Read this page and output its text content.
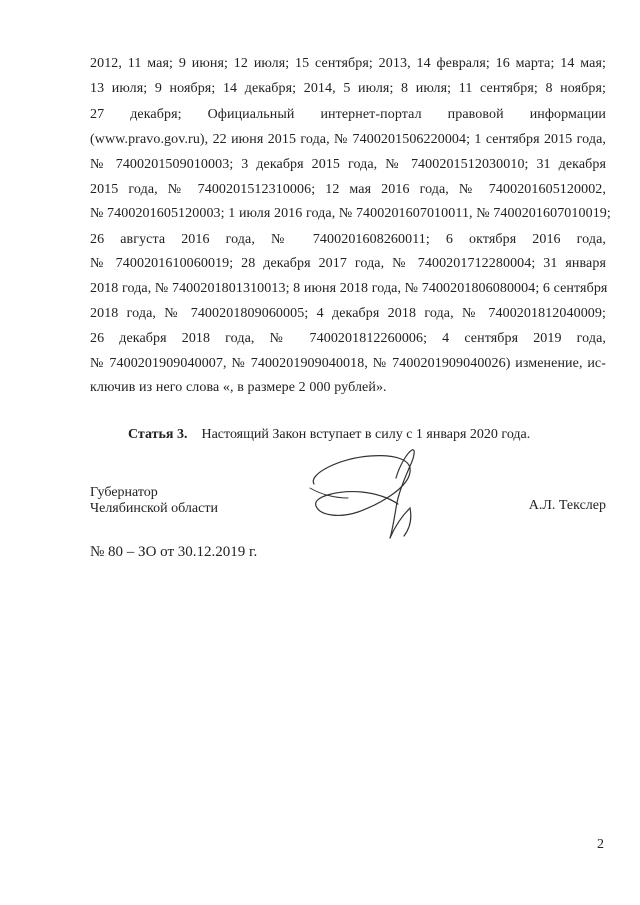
2012, 11 мая; 9 июня; 12 июля; 15 сентября; 2013, 14 февраля; 16 марта; 14 мая;
13 июля; 9 ноября; 14 декабря; 2014, 5 июля; 8 июля; 11 сентября; 8 ноября;
27 декабря; Официальный интернет-портал правовой информации
(www.pravo.gov.ru), 22 июня 2015 года, № 7400201506220004; 1 сентября 2015 года,
№ 7400201509010003; 3 декабря 2015 года, № 7400201512030010; 31 декабря
2015 года, № 7400201512310006; 12 мая 2016 года, № 7400201605120002,
№ 7400201605120003; 1 июля 2016 года, № 7400201607010011, № 7400201607010019;
26 августа 2016 года, № 7400201608260011; 6 октября 2016 года,
№ 7400201610060019; 28 декабря 2017 года, № 7400201712280004; 31 января
2018 года, № 7400201801310013; 8 июня 2018 года, № 7400201806080004; 6 сентября
2018 года, № 7400201809060005; 4 декабря 2018 года, № 7400201812040009;
26 декабря 2018 года, № 7400201812260006; 4 сентября 2019 года,
№ 7400201909040007, № 7400201909040018, № 7400201909040026) изменение, ис-
ключив из него слова «, в размере 2 000 рублей».
Статья 3. Настоящий Закон вступает в силу с 1 января 2020 года.
Губернатор
Челябинской области	А.Л. Текслер
№ 80 – ЗО от 30.12.2019 г.
2
